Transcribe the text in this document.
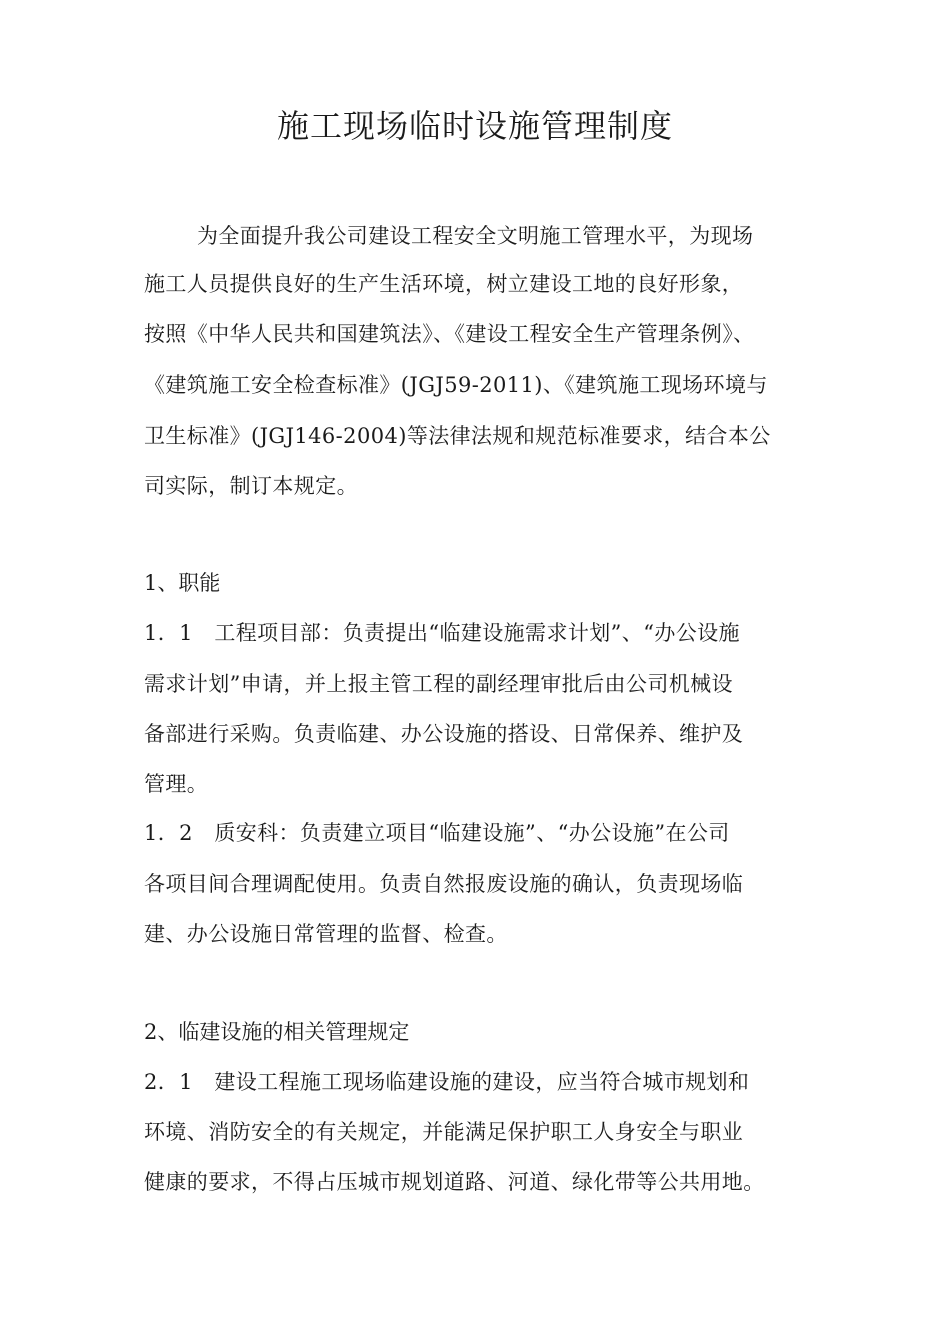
施工现场临时设施管理制度
为全面提升我公司建设工程安全文明施工管理水平，为现场
施工人员提供良好的生产生活环境，树立建设工地的良好形象，
按照《中华人民共和国建筑法》、《建设工程安全生产管理条例》、
《建筑施工安全检查标准》(JGJ59-2011)、《建筑施工现场环境与
卫生标准》(JGJ146-2004)等法律法规和规范标准要求，结合本公
司实际，制订本规定。
1、职能
1．1　工程项目部：负责提出“临建设施需求计划”、“办公设施
需求计划”申请，并上报主管工程的副经理审批后由公司机械设
备部进行采购。负责临建、办公设施的搭设、日常保养、维护及
管理。
1．2　质安科：负责建立项目“临建设施”、“办公设施”在公司
各项目间合理调配使用。负责自然报废设施的确认，负责现场临
建、办公设施日常管理的监督、检查。
2、临建设施的相关管理规定
2．1　建设工程施工现场临建设施的建设，应当符合城市规划和
环境、消防安全的有关规定，并能满足保护职工人身安全与职业
健康的要求，不得占压城市规划道路、河道、绿化带等公共用地。
